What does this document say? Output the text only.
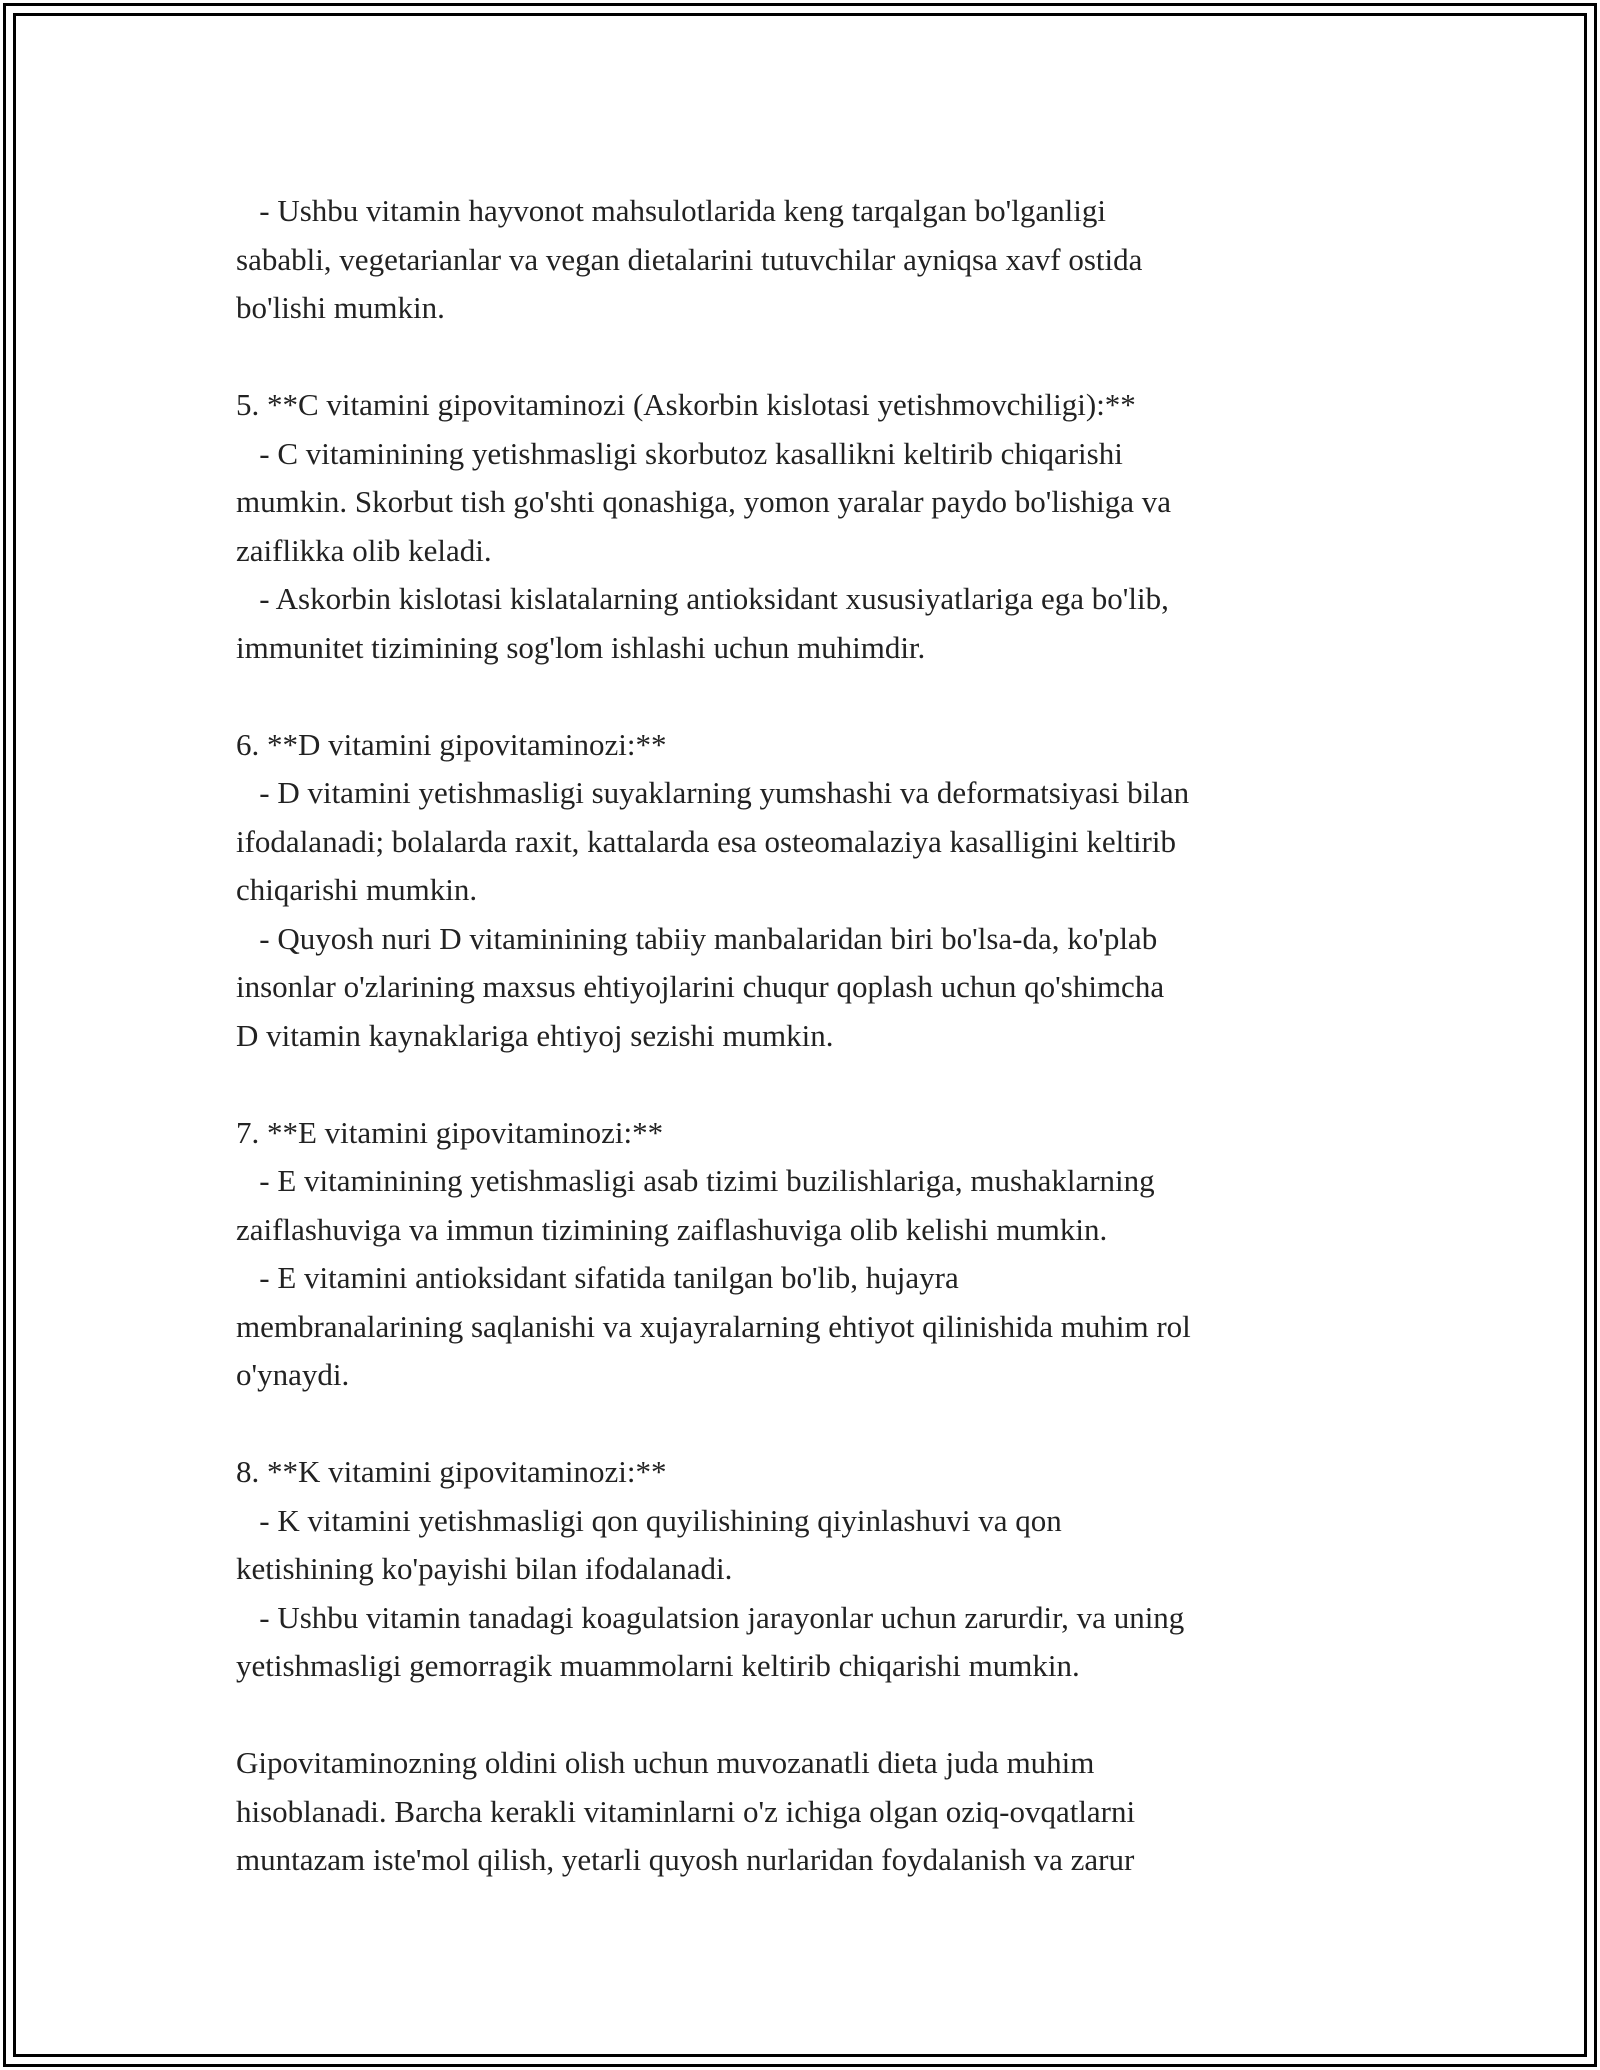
- Ushbu vitamin hayvonot mahsulotlarida keng tarqalgan bo'lganligi
sababli, vegetarianlar va vegan dietalarini tutuvchilar ayniqsa xavf ostida
bo'lishi mumkin.
5. **C vitamini gipovitaminozi (Askorbin kislotasi yetishmovchiligi):**
- C vitaminining yetishmasligi skorbutoz kasallikni keltirib chiqarishi
mumkin. Skorbut tish go'shti qonashiga, yomon yaralar paydo bo'lishiga va
zaiflikka olib keladi.
- Askorbin kislotasi kislatalarning antioksidant xususiyatlariga ega bo'lib,
immunitet tizimining sog'lom ishlashi uchun muhimdir.
6. **D vitamini gipovitaminozi:**
- D vitamini yetishmasligi suyaklarning yumshashi va deformatsiyasi bilan
ifodalanadi; bolalarda raxit, kattalarda esa osteomalaziya kasalligini keltirib
chiqarishi mumkin.
- Quyosh nuri D vitaminining tabiiy manbalaridan biri bo'lsa-da, ko'plab
insonlar o'zlarining maxsus ehtiyojlarini chuqur qoplash uchun qo'shimcha
D vitamin kaynaklariga ehtiyoj sezishi mumkin.
7. **E vitamini gipovitaminozi:**
- E vitaminining yetishmasligi asab tizimi buzilishlariga, mushaklarning
zaiflashuviga va immun tizimining zaiflashuviga olib kelishi mumkin.
- E vitamini antioksidant sifatida tanilgan bo'lib, hujayra
membranalarining saqlanishi va xujayralarning ehtiyot qilinishida muhim rol
o'ynaydi.
8. **K vitamini gipovitaminozi:**
- K vitamini yetishmasligi qon quyilishining qiyinlashuvi va qon
ketishining ko'payishi bilan ifodalanadi.
- Ushbu vitamin tanadagi koagulatsion jarayonlar uchun zarurdir, va uning
yetishmasligi gemorragik muammolarni keltirib chiqarishi mumkin.
Gipovitaminozning oldini olish uchun muvozanatli dieta juda muhim
hisoblanadi. Barcha kerakli vitaminlarni o'z ichiga olgan oziq-ovqatlarni
muntazam iste'mol qilish, yetarli quyosh nurlaridan foydalanish va zarur
